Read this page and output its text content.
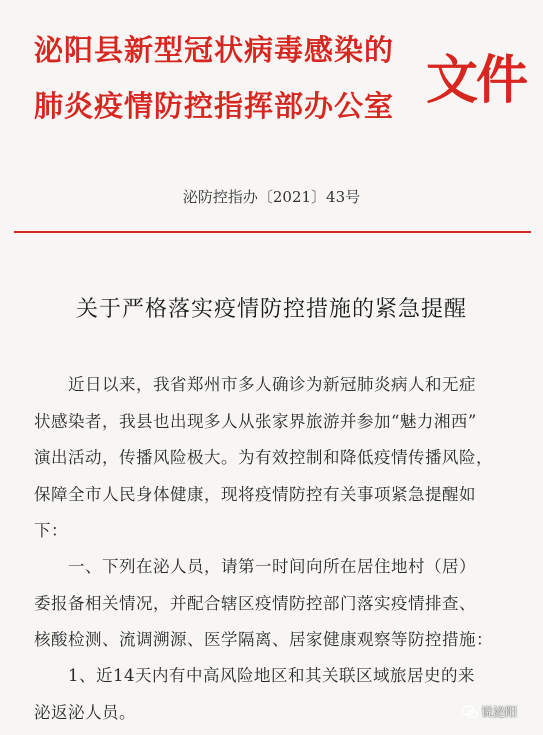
泌阳县新型冠状病毒感染的
肺炎疫情防控指挥部办公室 文件
泌防控指办〔2021〕43号
关于严格落实疫情防控措施的紧急提醒
近日以来，我省郑州市多人确诊为新冠肺炎病人和无症
状感染者，我县也出现多人从张家界旅游并参加“魅力湘西”
演出活动，传播风险极大。为有效控制和降低疫情传播风险，
保障全市人民身体健康，现将疫情防控有关事项紧急提醒如
下：
一、下列在泌人员，请第一时间向所在居住地村（居）
委报备相关情况，并配合辖区疫情防控部门落实疫情排查、
核酸检测、流调溯源、医学隔离、居家健康观察等防控措施：
1、近14天内有中高风险地区和其关联区域旅居史的来
泌返泌人员。	说泌阳
